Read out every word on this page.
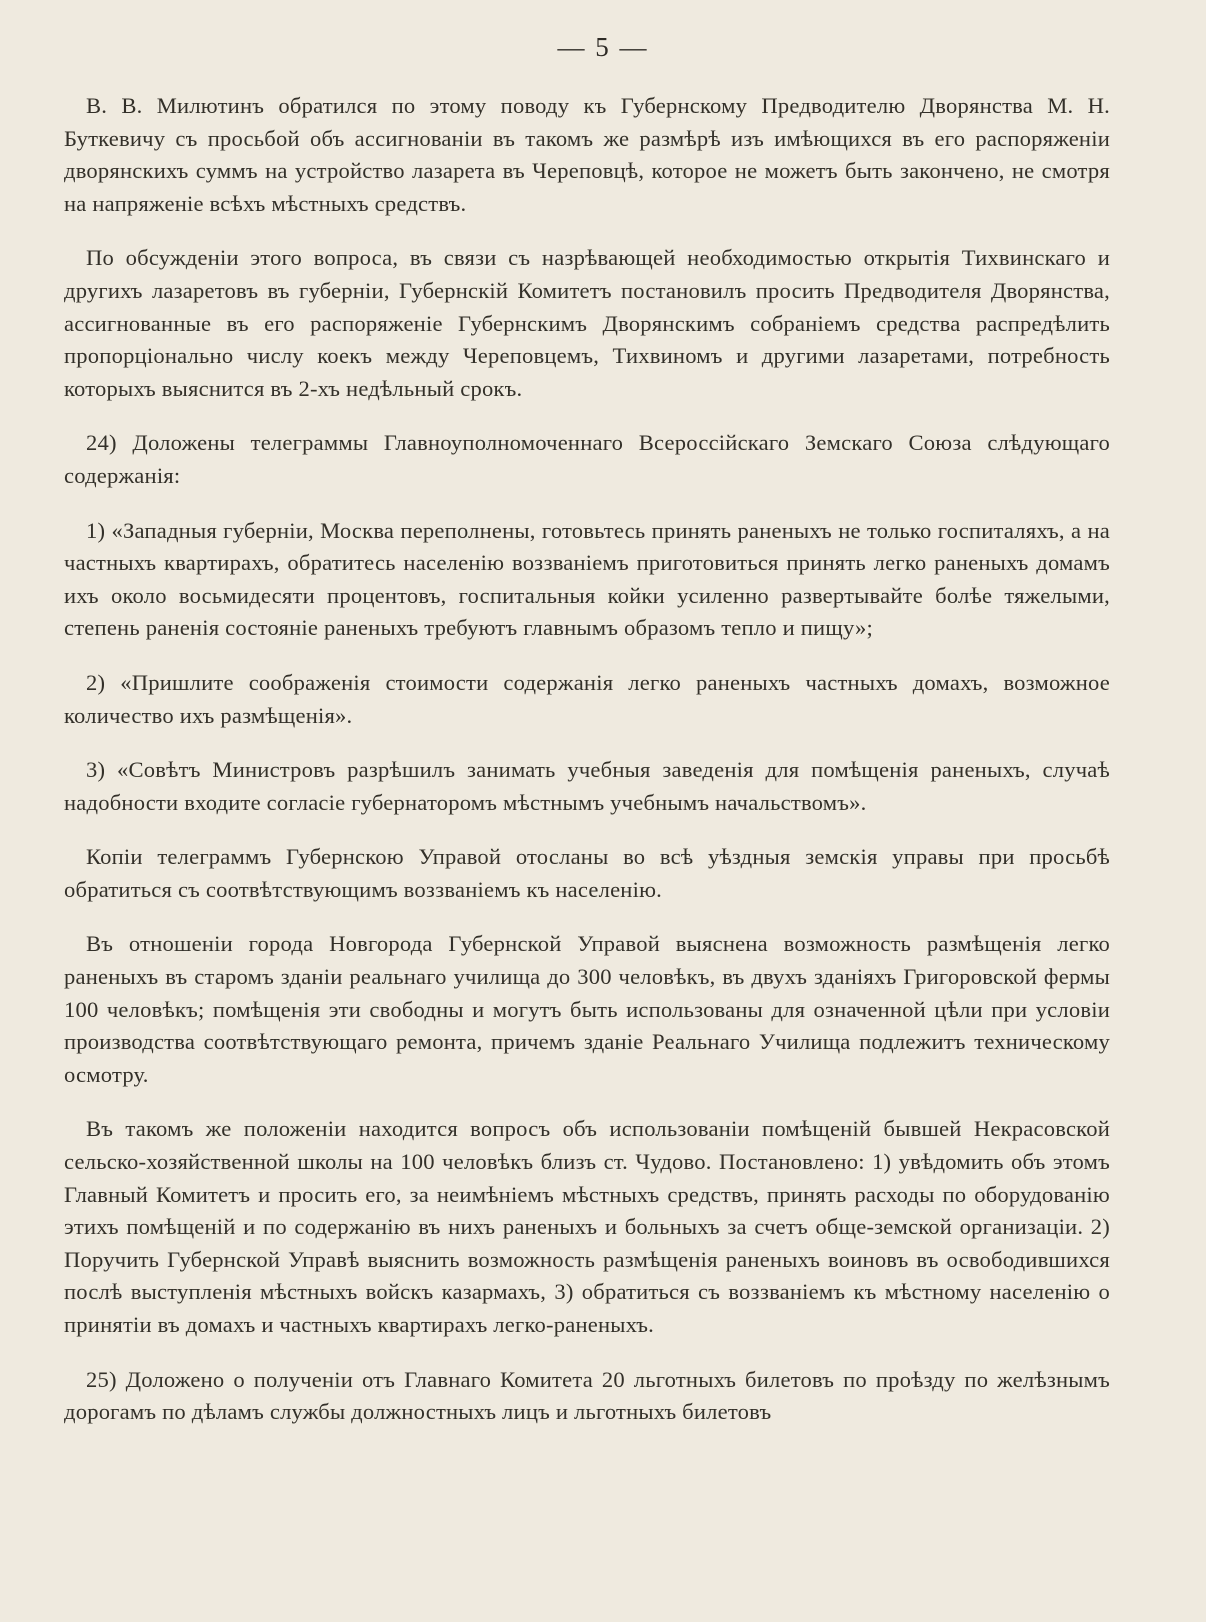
— 5 —

В. В. Милютинъ обратился по этому поводу къ Губернскому Предводителю Дворянства М. Н. Буткевичу съ просьбой объ ассигнованіи въ такомъ же размѣрѣ изъ имѣющихся въ его распоряженіи дворянскихъ суммъ на устройство лазарета въ Череповцѣ, которое не можетъ быть закончено, не смотря на напряженіе всѣхъ мѣстныхъ средствъ.

По обсужденіи этого вопроса, въ связи съ назрѣвающей необходимостью открытія Тихвинскаго и другихъ лазаретовъ въ губерніи, Губернскій Комитетъ постановилъ просить Предводителя Дворянства, ассигнованные въ его распоряженіе Губернскимъ Дворянскимъ собраніемъ средства распредѣлить пропорціонально числу коекъ между Череповцемъ, Тихвиномъ и другими лазаретами, потребность которыхъ выяснится въ 2-хъ недѣльный срокъ.

24) Доложены телеграммы Главноуполномоченнаго Всероссійскаго Земскаго Союза слѣдующаго содержанія:

1) «Западныя губерніи, Москва переполнены, готовьтесь принять раненыхъ не только госпиталяхъ, а на частныхъ квартирахъ, обратитесь населенію воззваніемъ приготовиться принять легко раненыхъ домамъ ихъ около восьмидесяти процентовъ, госпитальныя койки усиленно развертывайте болѣе тяжелыми, степень раненія состояніе раненыхъ требуютъ главнымъ образомъ тепло и пищу»;

2) «Пришлите соображенія стоимости содержанія легко раненыхъ частныхъ домахъ, возможное количество ихъ размѣщенія».

3) «Совѣтъ Министровъ разрѣшилъ занимать учебныя заведенія для помѣщенія раненыхъ, случаѣ надобности входите согласіе губернаторомъ мѣстнымъ учебнымъ начальствомъ».

Копіи телеграммъ Губернскою Управой отосланы во всѣ уѣздныя земскія управы при просьбѣ обратиться съ соотвѣтствующимъ воззваніемъ къ населенію.

Въ отношеніи города Новгорода Губернской Управой выяснена возможность размѣщенія легко раненыхъ въ старомъ зданіи реальнаго училища до 300 человѣкъ, въ двухъ зданіяхъ Григоровской фермы 100 человѣкъ; помѣщенія эти свободны и могутъ быть использованы для означенной цѣли при условіи производства соотвѣтствующаго ремонта, причемъ зданіе Реальнаго Училища подлежитъ техническому осмотру.

Въ такомъ же положеніи находится вопросъ объ использованіи помѣщеній бывшей Некрасовской сельско-хозяйственной школы на 100 человѣкъ близъ ст. Чудово. Постановлено: 1) увѣдомить объ этомъ Главный Комитетъ и просить его, за неимѣніемъ мѣстныхъ средствъ, принять расходы по оборудованію этихъ помѣщеній и по содержанію въ нихъ раненыхъ и больныхъ за счетъ обще-земской организаціи. 2) Поручить Губернской Управѣ выяснить возможность размѣщенія раненыхъ воиновъ въ освободившихся послѣ выступленія мѣстныхъ войскъ казармахъ, 3) обратиться съ воззваніемъ къ мѣстному населенію о принятіи въ домахъ и частныхъ квартирахъ легко-раненыхъ.

25) Доложено о полученіи отъ Главнаго Комитета 20 льготныхъ билетовъ по проѣзду по желѣзнымъ дорогамъ по дѣламъ службы должностныхъ лицъ и льготныхъ билетовъ
